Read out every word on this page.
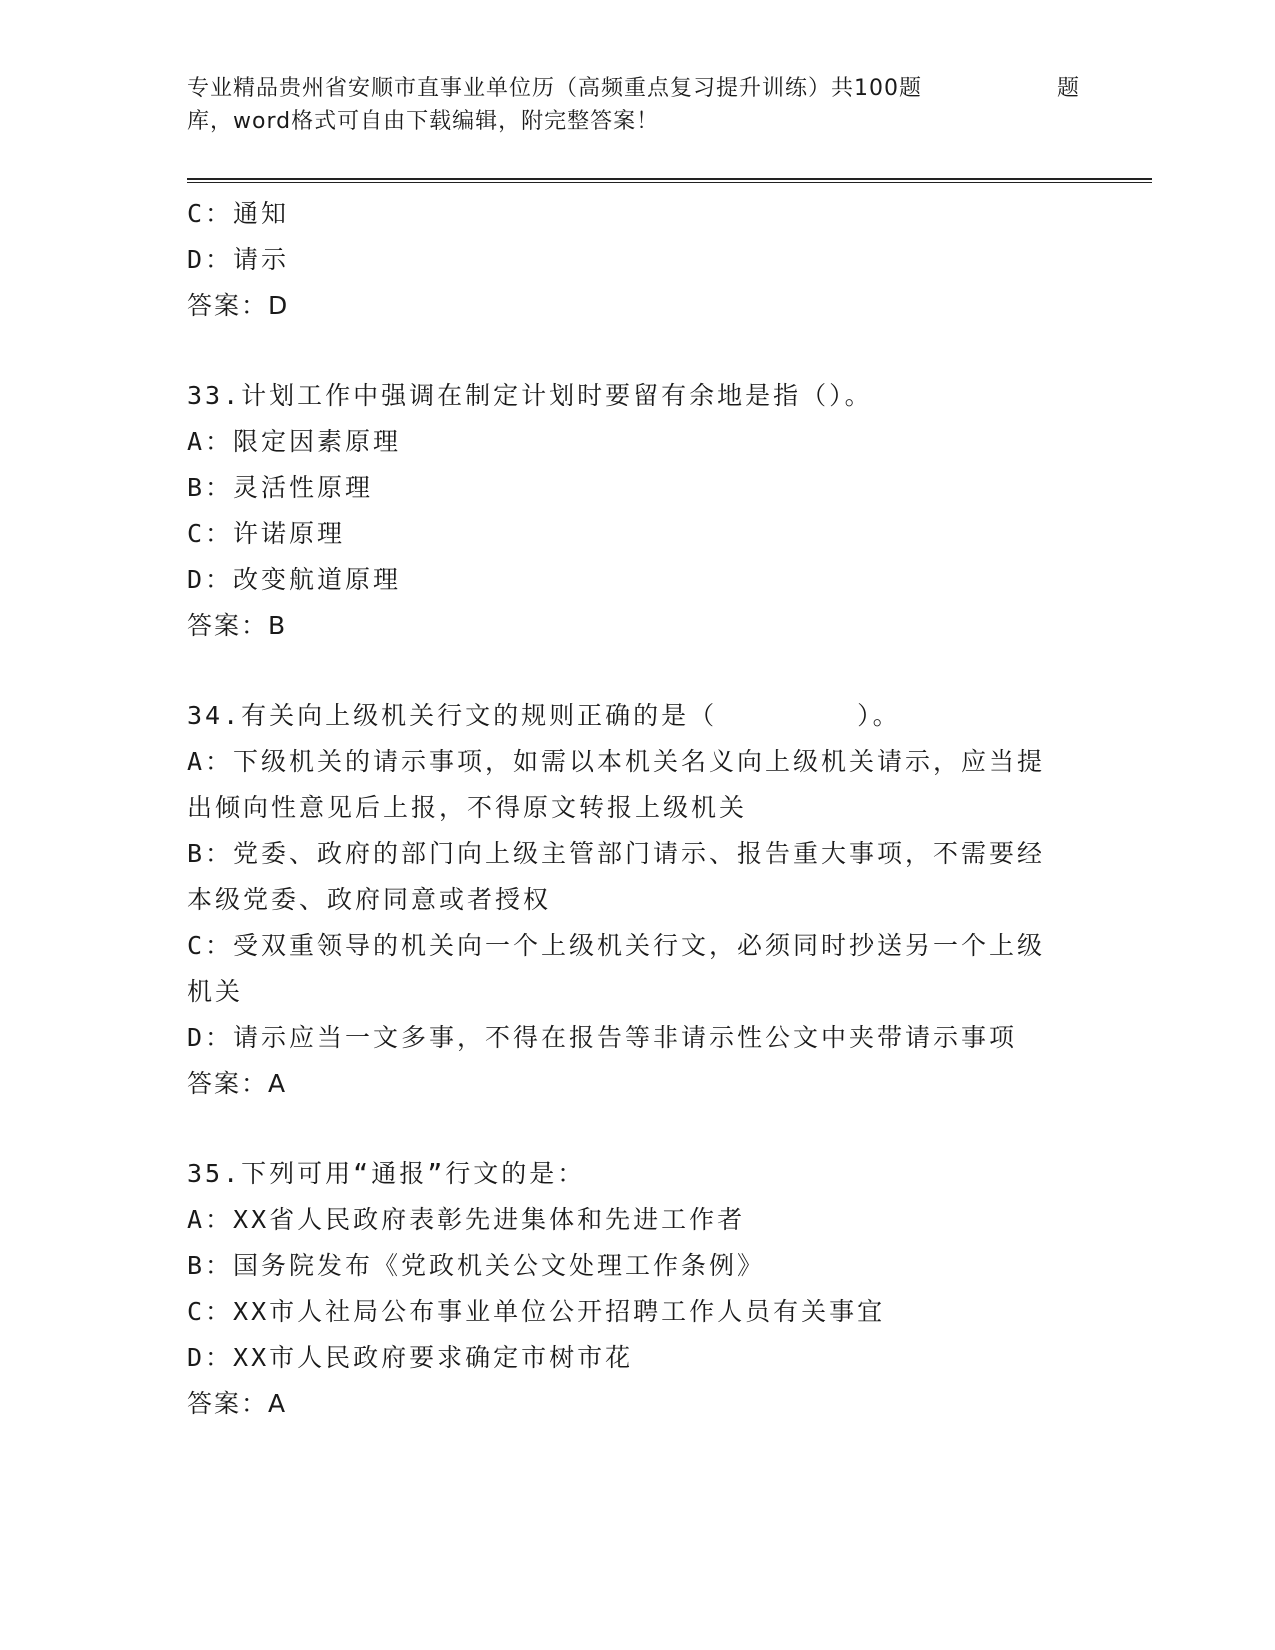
专业精品贵州省安顺市直事业单位历（高频重点复习提升训练）共100题	题
库，word格式可自由下载编辑，附完整答案！
C：通知
D：请示
答案：D
33.计划工作中强调在制定计划时要留有余地是指（）。
A：限定因素原理
B：灵活性原理
C：许诺原理
D：改变航道原理
答案：B
34.有关向上级机关行文的规则正确的是（　　　　　）。
A：下级机关的请示事项，如需以本机关名义向上级机关请示，应当提
出倾向性意见后上报，不得原文转报上级机关
B：党委、政府的部门向上级主管部门请示、报告重大事项，不需要经
本级党委、政府同意或者授权
C：受双重领导的机关向一个上级机关行文，必须同时抄送另一个上级
机关
D：请示应当一文多事，不得在报告等非请示性公文中夹带请示事项
答案：A
35.下列可用“通报”行文的是：
A：XX省人民政府表彰先进集体和先进工作者
B：国务院发布《党政机关公文处理工作条例》
C：XX市人社局公布事业单位公开招聘工作人员有关事宜
D：XX市人民政府要求确定市树市花
答案：A
